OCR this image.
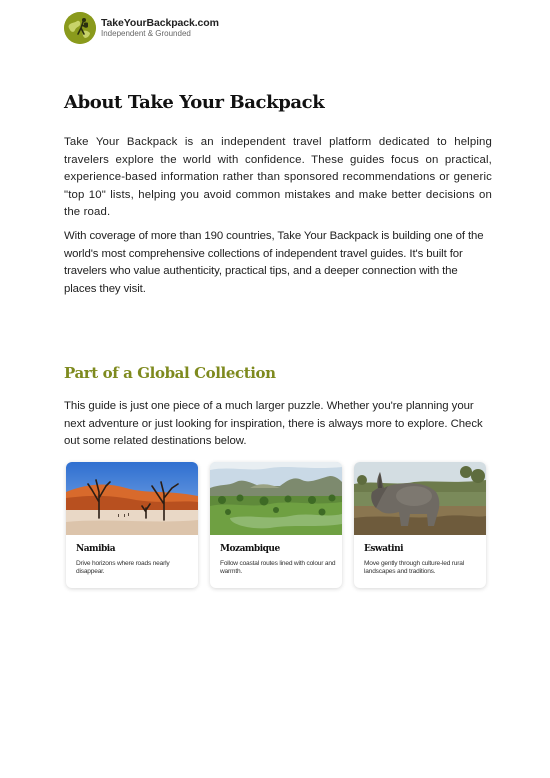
TakeYourBackpack.com
Independent & Grounded
About Take Your Backpack

Take Your Backpack is an independent travel platform dedicated to helping travelers explore the world with confidence. These guides focus on practical, experience-based information rather than sponsored recommendations or generic "top 10" lists, helping you avoid common mistakes and make better decisions on the road.

With coverage of more than 190 countries, Take Your Backpack is building one of the world's most comprehensive collections of independent travel guides. It's built for travelers who value authenticity, practical tips, and a deeper connection with the places they visit.

Part of a Global Collection

This guide is just one piece of a much larger puzzle. Whether you're planning your next adventure or just looking for inspiration, there is always more to explore. Check out some related destinations below.

Namibia
Drive horizons where roads nearly disappear.
Mozambique
Follow coastal routes lined with colour and warmth.
Eswatini
Move gently through culture-led rural landscapes and traditions.
